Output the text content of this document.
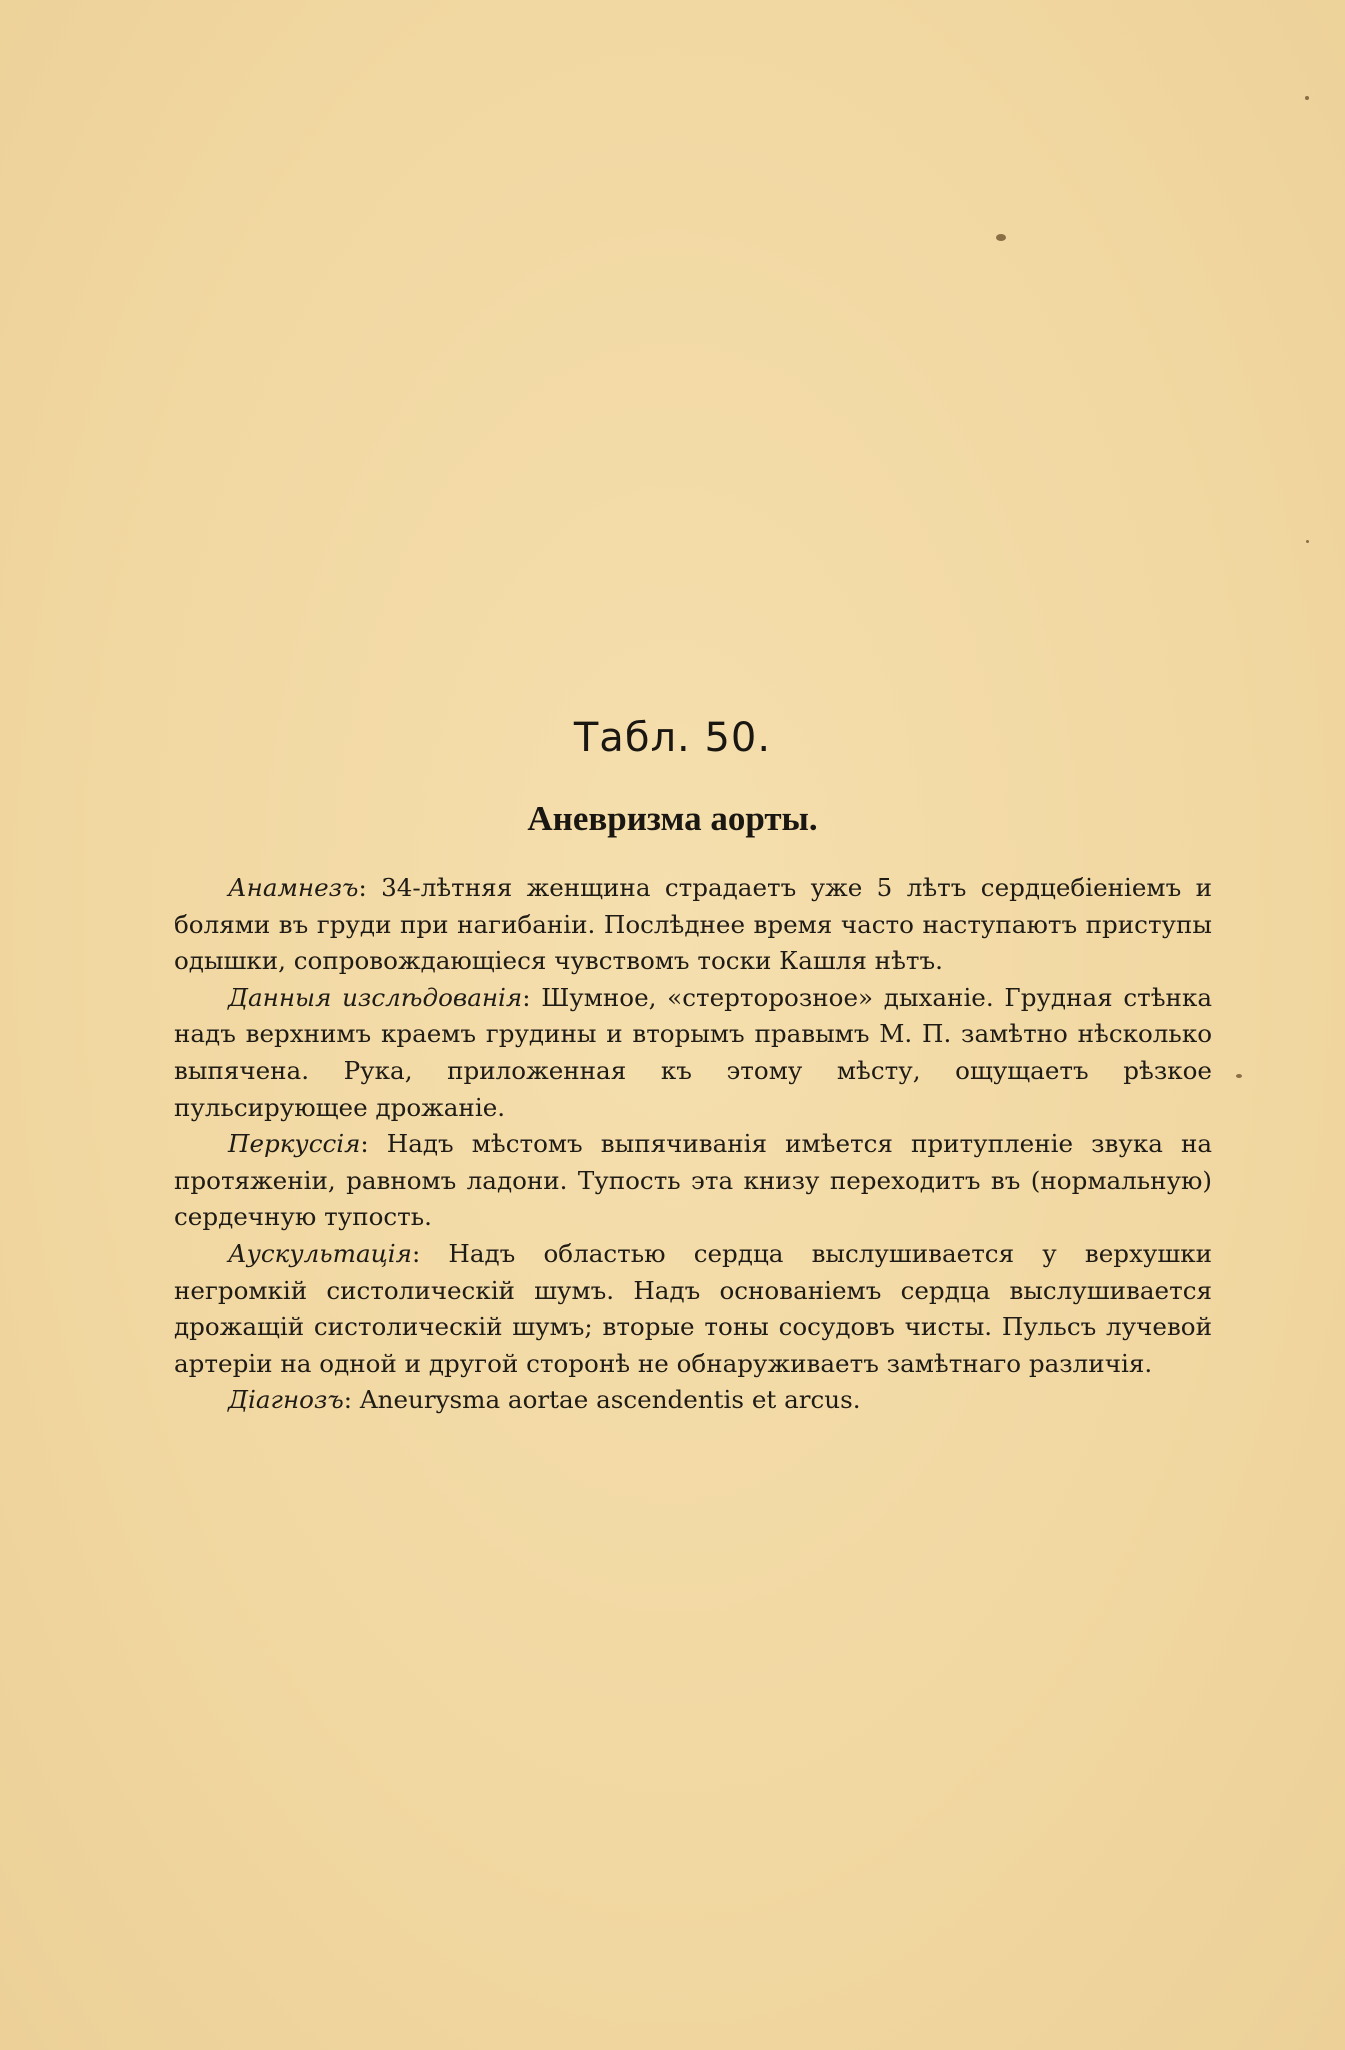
Табл. 50.
Аневризма аорты.

Анамнезъ: 34-лѣтняя женщина страдаетъ уже 5 лѣтъ сердцебіеніемъ и болями въ груди при нагибаніи. Послѣднее время часто наступаютъ приступы одышки, сопровождающіеся чувствомъ тоски Кашля нѣтъ.

Данныя изслѣдованія: Шумное, «стерторозное» дыханіе. Грудная стѣнка надъ верхнимъ краемъ грудины и вторымъ правымъ М. П. замѣтно нѣсколько выпячена. Рука, приложенная къ этому мѣсту, ощущаетъ рѣзкое пульсирующее дрожаніе.

Перкуссія: Надъ мѣстомъ выпячиванія имѣется притупленіе звука на протяженіи, равномъ ладони. Тупость эта книзу переходитъ въ (нормальную) сердечную тупость.

Аускультація: Надъ областью сердца выслушивается у верхушки негромкій систолическій шумъ. Надъ основаніемъ сердца выслушивается дрожащій систолическій шумъ; вторые тоны сосудовъ чисты. Пульсъ лучевой артеріи на одной и другой сторонѣ не обнаруживаетъ замѣтнаго различія.

Діагнозъ: Aneurysma aortae ascendentis et arcus.
